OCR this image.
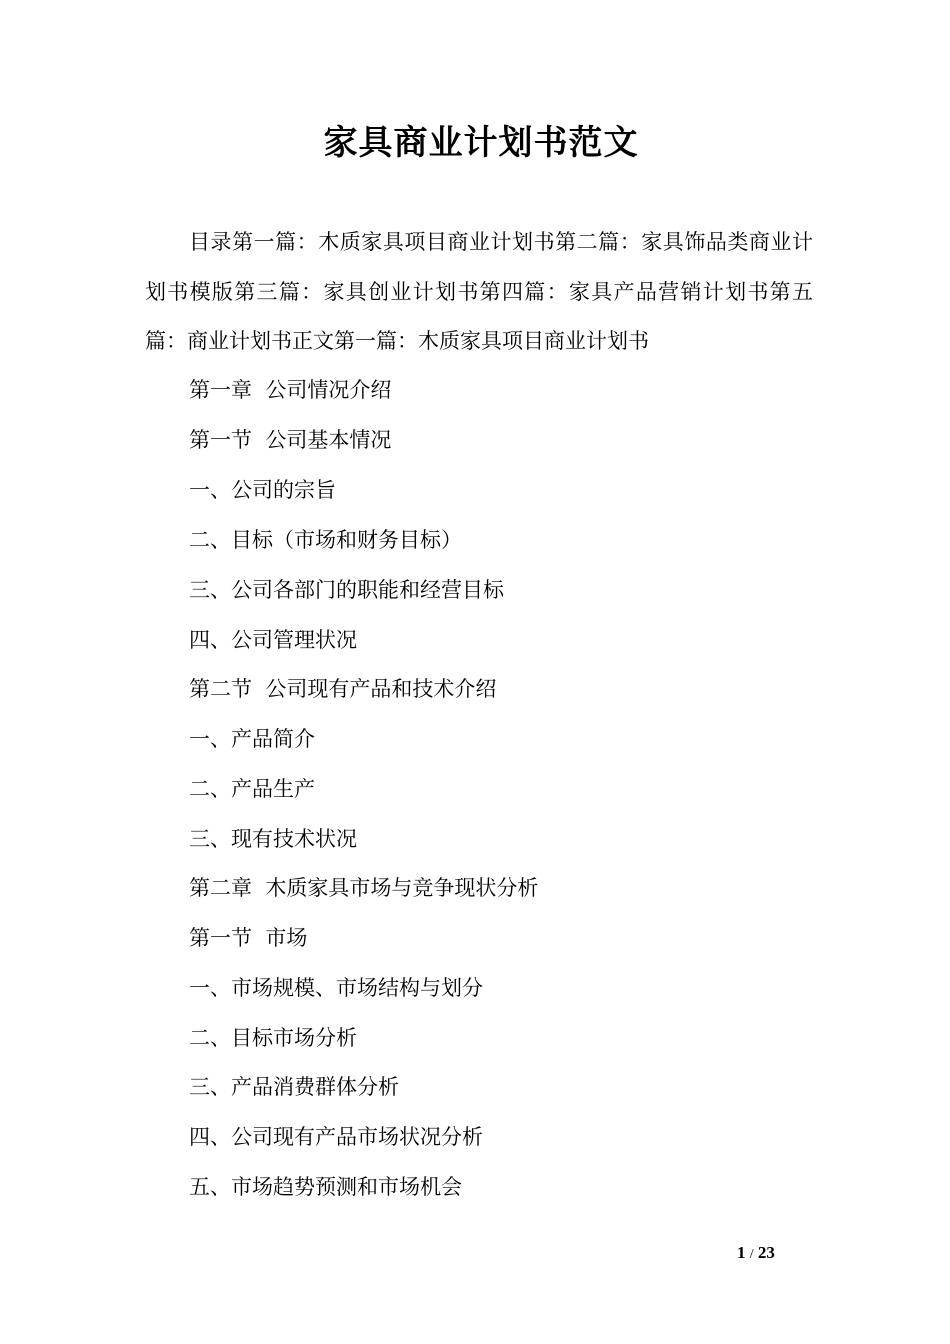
家具商业计划书范文

目录第一篇：木质家具项目商业计划书第二篇：家具饰品类商业计划书模版第三篇：家具创业计划书第四篇：家具产品营销计划书第五篇：商业计划书正文第一篇：木质家具项目商业计划书

第一章  公司情况介绍
第一节  公司基本情况
一、公司的宗旨
二、目标（市场和财务目标）
三、公司各部门的职能和经营目标
四、公司管理状况
第二节  公司现有产品和技术介绍
一、产品简介
二、产品生产
三、现有技术状况
第二章  木质家具市场与竞争现状分析
第一节  市场
一、市场规模、市场结构与划分
二、目标市场分析
三、产品消费群体分析
四、公司现有产品市场状况分析
五、市场趋势预测和市场机会
1 / 23
